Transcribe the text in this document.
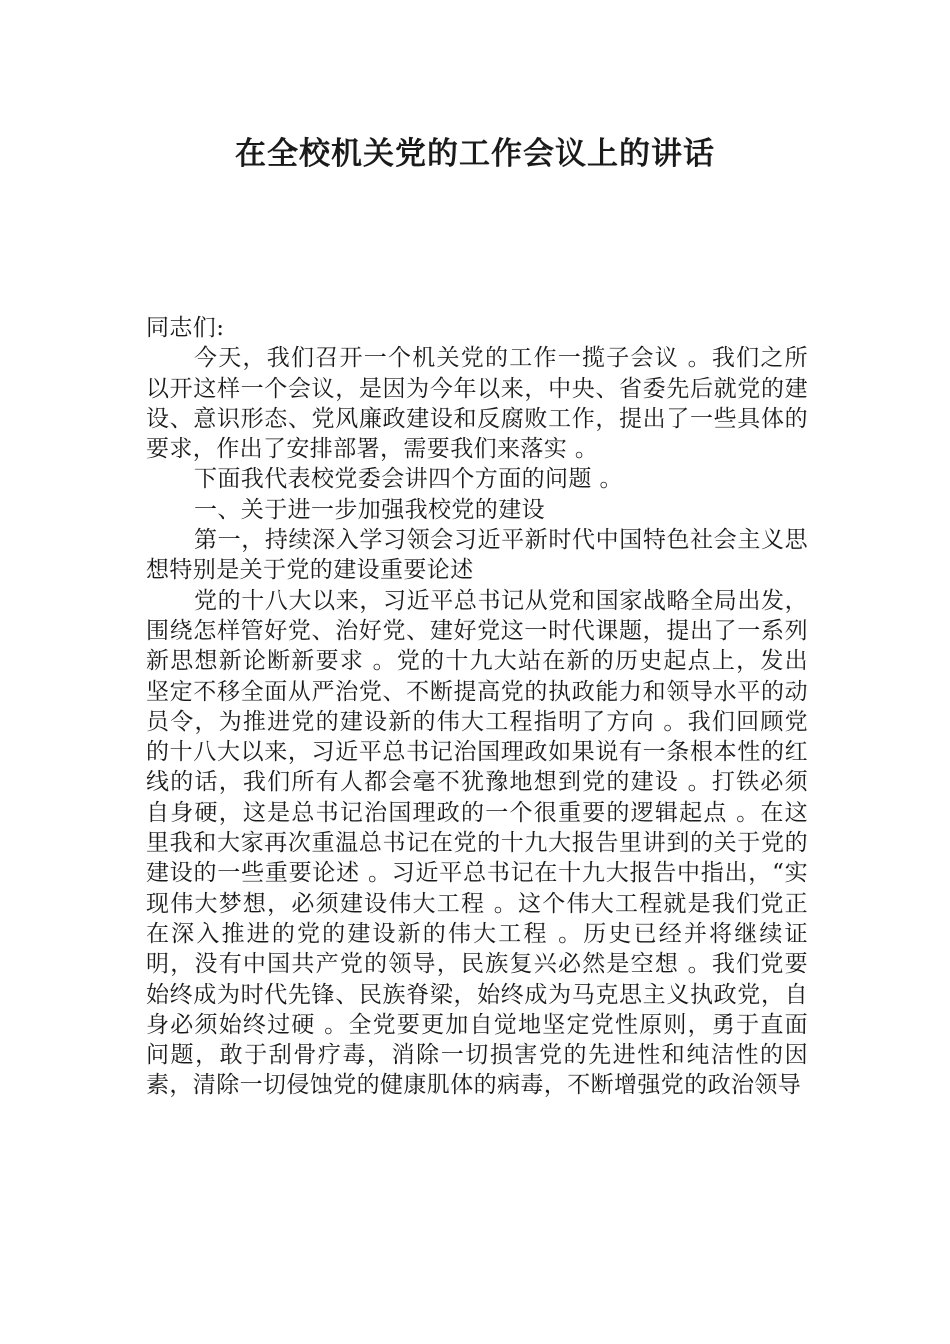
在全校机关党的工作会议上的讲话

同志们:

今天，我们召开一个机关党的工作一揽子会议 。我们之所以开这样一个会议，是因为今年以来，中央、省委先后就党的建设、意识形态、党风廉政建设和反腐败工作，提出了一些具体的要求，作出了安排部署，需要我们来落实 。

下面我代表校党委会讲四个方面的问题 。

一、关于进一步加强我校党的建设

第一，持续深入学习领会习近平新时代中国特色社会主义思想特别是关于党的建设重要论述

党的十八大以来，习近平总书记从党和国家战略全局出发，围绕怎样管好党、治好党、建好党这一时代课题，提出了一系列新思想新论断新要求 。党的十九大站在新的历史起点上，发出坚定不移全面从严治党、不断提高党的执政能力和领导水平的动员令，为推进党的建设新的伟大工程指明了方向 。我们回顾党的十八大以来，习近平总书记治国理政如果说有一条根本性的红线的话，我们所有人都会毫不犹豫地想到党的建设 。打铁必须自身硬，这是总书记治国理政的一个很重要的逻辑起点 。在这里我和大家再次重温总书记在党的十九大报告里讲到的关于党的建设的一些重要论述 。习近平总书记在十九大报告中指出，“实现伟大梦想，必须建设伟大工程 。这个伟大工程就是我们党正在深入推进的党的建设新的伟大工程 。历史已经并将继续证明，没有中国共产党的领导，民族复兴必然是空想 。我们党要始终成为时代先锋、民族脊梁，始终成为马克思主义执政党，自身必须始终过硬 。全党要更加自觉地坚定党性原则，勇于直面问题，敢于刮骨疗毒，消除一切损害党的先进性和纯洁性的因素，清除一切侵蚀党的健康肌体的病毒，不断增强党的政治领导
